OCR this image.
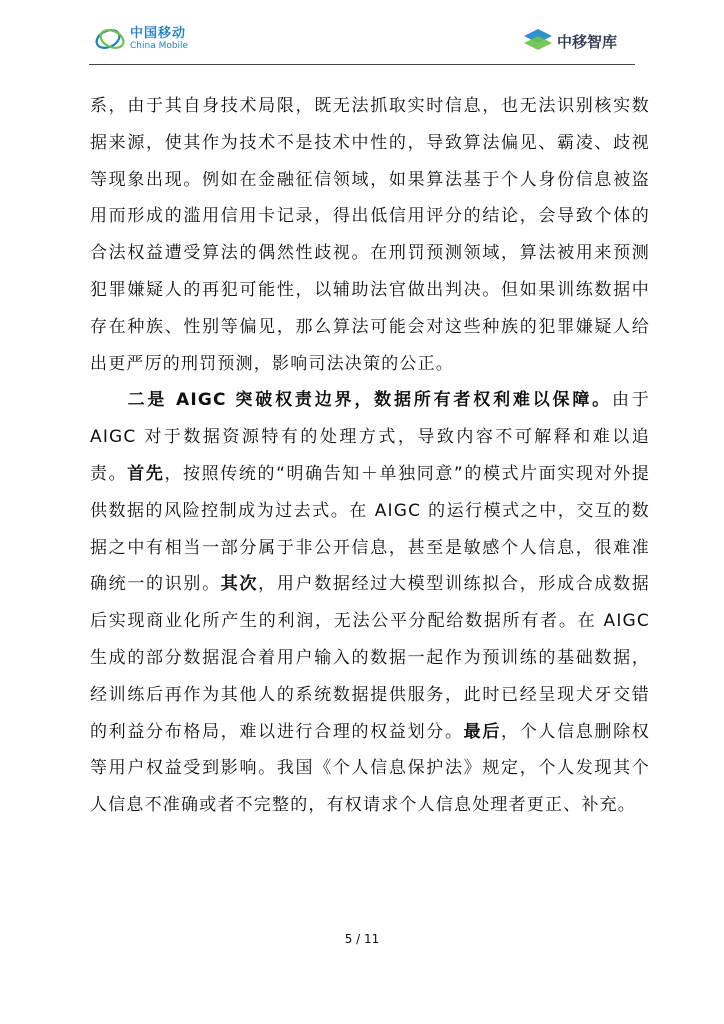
中国移动
China Mobile	中移智库

系，由于其自身技术局限，既无法抓取实时信息，也无法识别核实数据来源，使其作为技术不是技术中性的，导致算法偏见、霸凌、歧视等现象出现。例如在金融征信领域，如果算法基于个人身份信息被盗用而形成的滥用信用卡记录，得出低信用评分的结论，会导致个体的合法权益遭受算法的偶然性歧视。在刑罚预测领域，算法被用来预测犯罪嫌疑人的再犯可能性，以辅助法官做出判决。但如果训练数据中存在种族、性别等偏见，那么算法可能会对这些种族的犯罪嫌疑人给出更严厉的刑罚预测，影响司法决策的公正。

二是 AIGC 突破权责边界，数据所有者权利难以保障。由于 AIGC 对于数据资源特有的处理方式，导致内容不可解释和难以追责。首先，按照传统的“明确告知＋单独同意”的模式片面实现对外提供数据的风险控制成为过去式。在 AIGC 的运行模式之中，交互的数据之中有相当一部分属于非公开信息，甚至是敏感个人信息，很难准确统一的识别。其次，用户数据经过大模型训练拟合，形成合成数据后实现商业化所产生的利润，无法公平分配给数据所有者。在 AIGC 生成的部分数据混合着用户输入的数据一起作为预训练的基础数据，经训练后再作为其他人的系统数据提供服务，此时已经呈现犬牙交错的利益分布格局，难以进行合理的权益划分。最后，个人信息删除权等用户权益受到影响。我国《个人信息保护法》规定，个人发现其个人信息不准确或者不完整的，有权请求个人信息处理者更正、补充。

5 / 11
